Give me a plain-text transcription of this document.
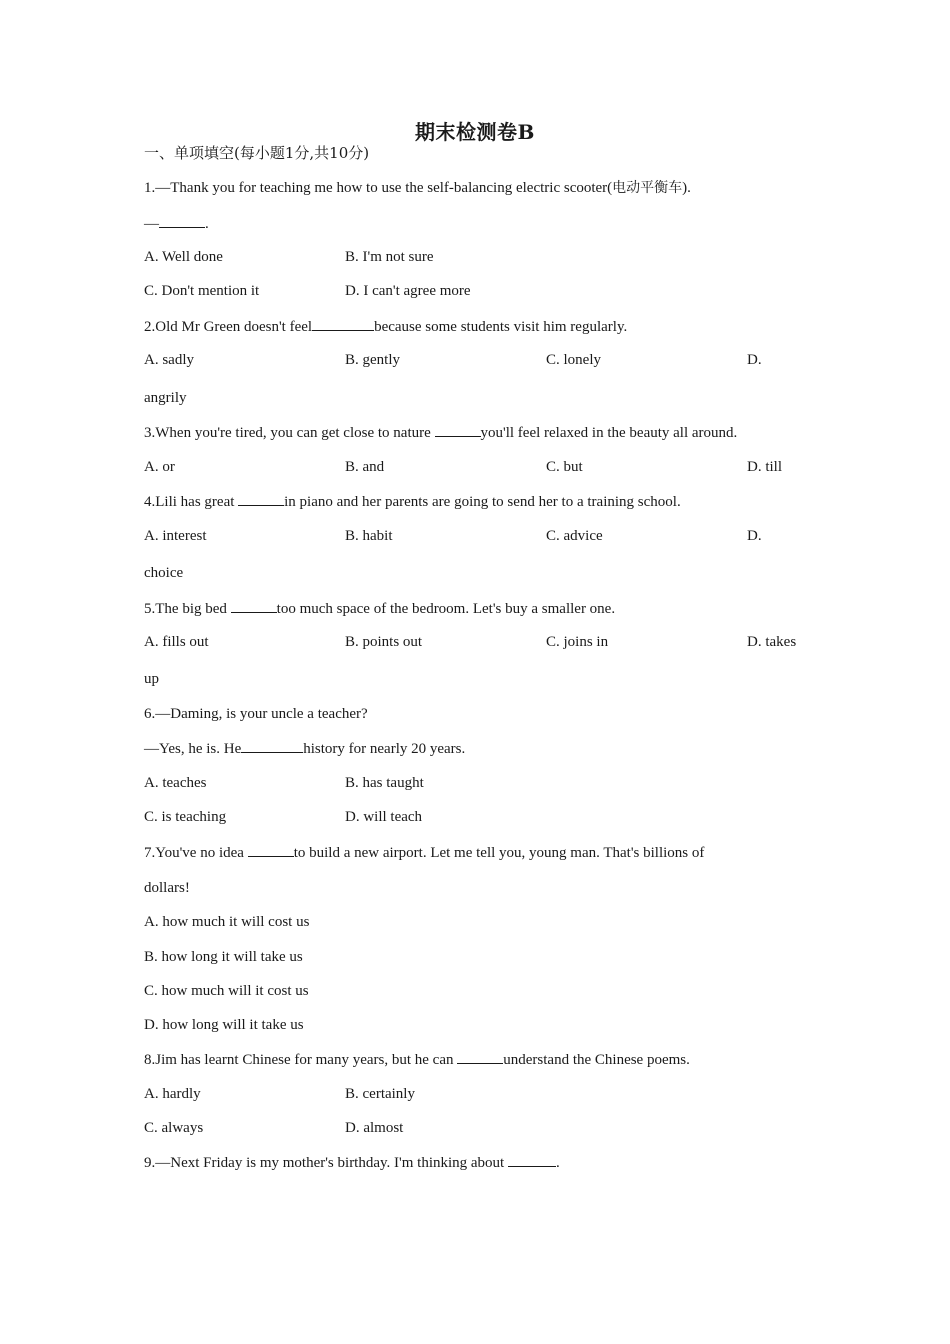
期末检测卷B
一、单项填空(每小题1分,共10分)
1.—Thank you for teaching me how to use the self-balancing electric scooter(电动平衡车).
—	.
A. Well done	B. I'm not sure
C. Don't mention it	D. I can't agree more
2.Old Mr Green doesn't feel	because some students visit him regularly.
A. sadly	B. gently	C. lonely	D.
angrily
3.When you're tired, you can get close to nature	you'll feel relaxed in the beauty all around.
A. or	B. and	C. but	D. till
4.Lili has great	in piano and her parents are going to send her to a training school.
A. interest	B. habit	C. advice	D.
choice
5.The big bed	too much space of the bedroom. Let's buy a smaller one.
A. fills out	B. points out	C. joins in	D. takes
up
6.—Daming, is your uncle a teacher?
—Yes, he is. He	history for nearly 20 years.
A. teaches	B. has taught
C. is teaching	D. will teach
7.You've no idea	to build a new airport. Let me tell you, young man. That's billions of
dollars!
A. how much it will cost us
B. how long it will take us
C. how much will it cost us
D. how long will it take us
8.Jim has learnt Chinese for many years, but he can	understand the Chinese poems.
A. hardly	B. certainly
C. always	D. almost
9.—Next Friday is my mother's birthday. I'm thinking about	.
